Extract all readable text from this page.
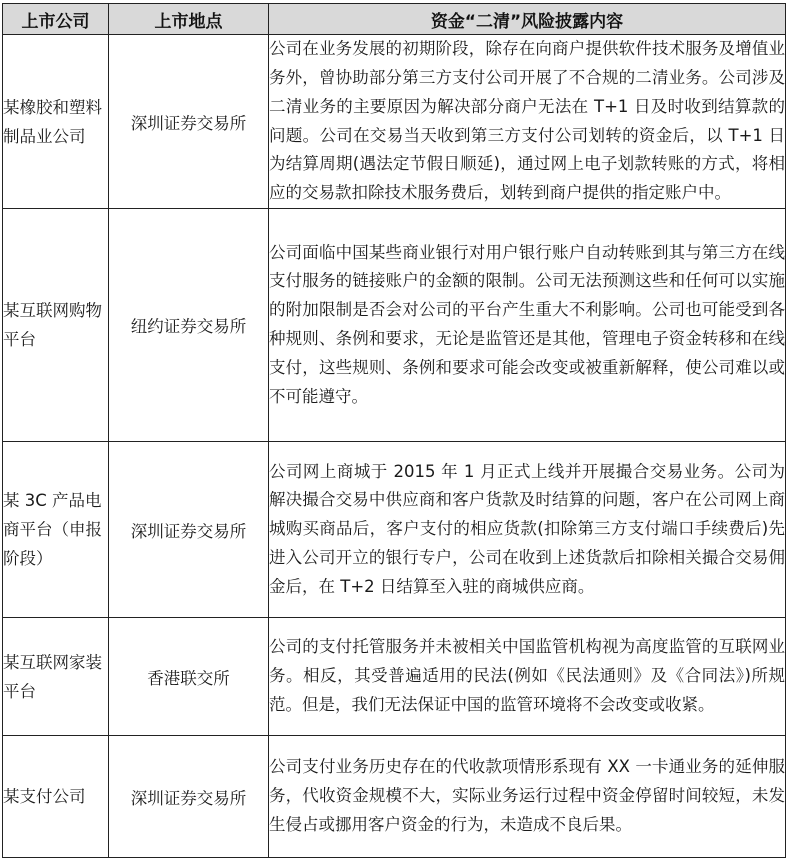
上市公司	上市地点	资金“二清”风险披露内容
某橡胶和塑料制品业公司	深圳证券交易所	公司在业务发展的初期阶段，除存在向商户提供软件技术服务及增值业务外，曾协助部分第三方支付公司开展了不合规的二清业务。公司涉及二清业务的主要原因为解决部分商户无法在 T+1 日及时收到结算款的问题。公司在交易当天收到第三方支付公司划转的资金后，以 T+1 日为结算周期(遇法定节假日顺延)，通过网上电子划款转账的方式，将相应的交易款扣除技术服务费后，划转到商户提供的指定账户中。
某互联网购物平台	纽约证券交易所	公司面临中国某些商业银行对用户银行账户自动转账到其与第三方在线支付服务的链接账户的金额的限制。公司无法预测这些和任何可以实施的附加限制是否会对公司的平台产生重大不利影响。公司也可能受到各种规则、条例和要求，无论是监管还是其他，管理电子资金转移和在线支付，这些规则、条例和要求可能会改变或被重新解释，使公司难以或不可能遵守。
某 3C 产品电商平台（申报阶段）	深圳证券交易所	公司网上商城于 2015 年 1 月正式上线并开展撮合交易业务。公司为解决撮合交易中供应商和客户货款及时结算的问题，客户在公司网上商城购买商品后，客户支付的相应货款(扣除第三方支付端口手续费后)先进入公司开立的银行专户，公司在收到上述货款后扣除相关撮合交易佣金后，在 T+2 日结算至入驻的商城供应商。
某互联网家装平台	香港联交所	公司的支付托管服务并未被相关中国监管机构视为高度监管的互联网业务。相反，其受普遍适用的民法(例如《民法通则》及《合同法》)所规范。但是，我们无法保证中国的监管环境将不会改变或收紧。
某支付公司	深圳证券交易所	公司支付业务历史存在的代收款项情形系现有 XX 一卡通业务的延伸服务，代收资金规模不大，实际业务运行过程中资金停留时间较短，未发生侵占或挪用客户资金的行为，未造成不良后果。
